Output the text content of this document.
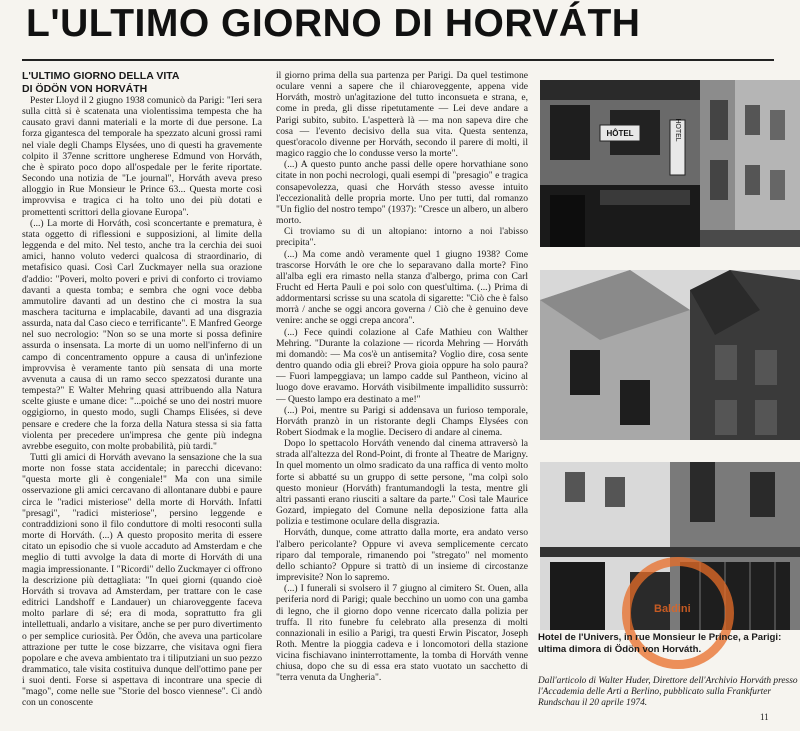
L'ULTIMO GIORNO DI HORVÁTH

L'ULTIMO GIORNO DELLA VITA
DI ÖDÖN VON HORVÁTH

Pester Lloyd il 2 giugno 1938 comunicò da Parigi: "Ieri sera sulla città si è scatenata una violentissima tempesta che ha causato gravi danni materiali e la morte di due persone. La forza gigantesca del temporale ha spezzato alcuni grossi rami nel viale degli Champs Elysées, uno di questi ha gravemente colpito il 37enne scrittore ungherese Edmund von Horváth, che è spirato poco dopo all'ospedale per le ferite riportate. Secondo una notizia de "Le journal", Horváth aveva preso alloggio in Rue Monsieur le Prince 63... Questa morte così improvvisa e tragica ci ha tolto uno dei più dotati e promettenti scrittori della giovane Europa".

(...) La morte di Horváth, così sconcertante e prematura, è stata oggetto di riflessioni e supposizioni, al limite della leggenda e del mito. Nel testo, anche tra la cerchia dei suoi amici, hanno voluto vederci qualcosa di straordinario, di metafisico quasi. Così Carl Zuckmayer nella sua orazione d'addio: "Poveri, molto poveri e privi di conforto ci troviamo davanti a questa tomba; e sembra che ogni voce debba ammutolire davanti ad un destino che ci mostra la sua maschera taciturna e implacabile, davanti ad una disgrazia assurda, nata dal Caso cieco e terrificante". E Manfred George nel suo necrologio: "Non so se una morte si possa definire assurda o insensata. La morte di un uomo nell'inferno di un campo di concentramento oppure a causa di un'infezione improvvisa è veramente tanto più sensata di una morte avvenuta a causa di un ramo secco spezzatosi durante una tempesta?" E Walter Mehring quasi attribuendo alla Natura scelte giuste e umane dice: "...poiché se uno dei nostri muore oggigiorno, in questo modo, sugli Champs Elisées, si deve pensare e credere che la forza della Natura stessa si sia fatta violenta per precedere un'impresa che gente più indegna avrebbe eseguito, con molte probabilità, più tardi."

Tutti gli amici di Horváth avevano la sensazione che la sua morte non fosse stata accidentale; in parecchi dicevano: "questa morte gli è congeniale!" Ma con una simile osservazione gli amici cercavano di allontanare dubbi e paure circa le "radici misteriose" della morte di Horváth. Infatti "presagi", "radici misteriose", persino leggende e contraddizioni sono il filo conduttore di molti resoconti sulla morte di Horváth. (...) A questo proposito merita di essere citato un episodio che si vuole accaduto ad Amsterdam e che meglio di tutti avvolge la data di morte di Horváth di una magia impressionante. I "Ricordi" dello Zuckmayer ci offrono la descrizione più dettagliata: "In quei giorni (quando cioè Horváth si trovava ad Amsterdam, per trattare con le case editrici Landshoff e Landauer) un chiaroveggente faceva molto parlare di sé; era di moda, soprattutto fra gli intellettuali, andarlo a visitare, anche se per puro divertimento o per semplice curiosità. Per Ödön, che aveva una particolare attrazione per tutte le cose bizzarre, che visitava ogni fiera popolare e che aveva ambientato tra i tiliputziani un suo pezzo drammatico, tale visita costituiva dunque dell'ottimo pane per i suoi denti. Forse si aspettava di incontrare una specie di "mago", come nelle sue "Storie del bosco viennese". Ci andò con un conoscente

il giorno prima della sua partenza per Parigi. Da quel testimone oculare venni a sapere che il chiaroveggente, appena vide Horváth, mostrò un'agitazione del tutto inconsueta e strana, e, come in preda, gli disse ripetutamente — Lei deve andare a Parigi subito, subito. L'aspetterà là — ma non sapeva dire che cosa — l'evento decisivo della sua vita. Questa sentenza, quest'oracolo divenne per Horváth, secondo il parere di molti, il magico raggio che lo condusse verso la morte".

(...) A questo punto anche passi delle opere horvathiane sono citate in non pochi necrologi, quali esempi di "presagio" e tragica consapevolezza, quasi che Horváth stesso avesse intuito l'eccezionalità delle propria morte. Uno per tutti, dal romanzo "Un figlio del nostro tempo" (1937): "Cresce un albero, un albero morto.

Ci troviamo su di un altopiano: intorno a noi l'abisso precipita".

(...) Ma come andò veramente quel 1 giugno 1938? Come trascorse Horváth le ore che lo separavano dalla morte? Fino all'alba egli era rimasto nella stanza d'albergo, prima con Carl Frucht ed Herta Pauli e poi solo con quest'ultima. (...) Prima di addormentarsi scrisse su una scatola di sigarette: "Ciò che è falso morrà / anche se oggi ancora governa / Ciò che è genuino deve venire: anche se oggi crepa ancora".

(...) Fece quindi colazione al Cafe Mathieu con Walther Mehring. "Durante la colazione — ricorda Mehring — Horváth mi domandò: — Ma cos'è un antisemita? Voglio dire, cosa sente dentro quando odia gli ebrei? Prova gioia oppure ha solo paura? — Fuori lampeggiava; un lampo cadde sul Pantheon, vicino al luogo dove eravamo. Horváth visibilmente impallidito sussurrò: — Questo lampo era destinato a me!"

(...) Poi, mentre su Parigi si addensava un furioso temporale, Horváth pranzò in un ristorante degli Champs Elysées con Robert Siodmak e la moglie. Decisero di andare al cinema.

Dopo lo spettacolo Horváth venendo dal cinema attraversò la strada all'altezza del Rond-Point, di fronte al Theatre de Marigny. In quel momento un olmo sradicato da una raffica di vento molto forte si abbatté su un gruppo di sette persone, "ma colpì solo questo monieur (Horváth) frantumandogli la testa, mentre gli altri passanti erano riusciti a saltare da parte." Così tale Maurice Gozard, impiegato del Comune nella deposizione fatta alla polizia e testimone oculare della disgrazia.

Horváth, dunque, come attratto dalla morte, era andato verso l'albero pericolante? Oppure vi aveva semplicemente cercato riparo dal temporale, rimanendo poi "stregato" nel momento dello schianto? Oppure si trattò di un insieme di circostanze imprevisite? Non lo sapremo.

(...) I funerali si svolsero il 7 giugno al cimitero St. Ouen, alla periferia nord di Parigi; quale becchino un uomo con una gamba di legno, che il giorno dopo venne ricercato dalla polizia per truffa. Il rito funebre fu celebrato alla presenza di molti connazionali in esilio a Parigi, tra questi Erwin Piscator, Joseph Roth. Mentre la pioggia cadeva e i loncomotori della stazione vicina fischiavano ininterrottamente, la tomba di Horváth venne chiusa, dopo che su di essa era stato vuotato un sacchetto di "terra venuta da Ungheria".

HOTEL
HÔTEL
Baldini
Hotel de l'Univers, in rue Monsieur le Prince, a Parigi: ultima dimora di Ödön von Horváth.
Dall'articolo di Walter Huder, Direttore dell'Archivio Horváth presso l'Accademia delle Arti a Berlino, pubblicato sulla Frankfurter Rundschau il 20 aprile 1974.
11
